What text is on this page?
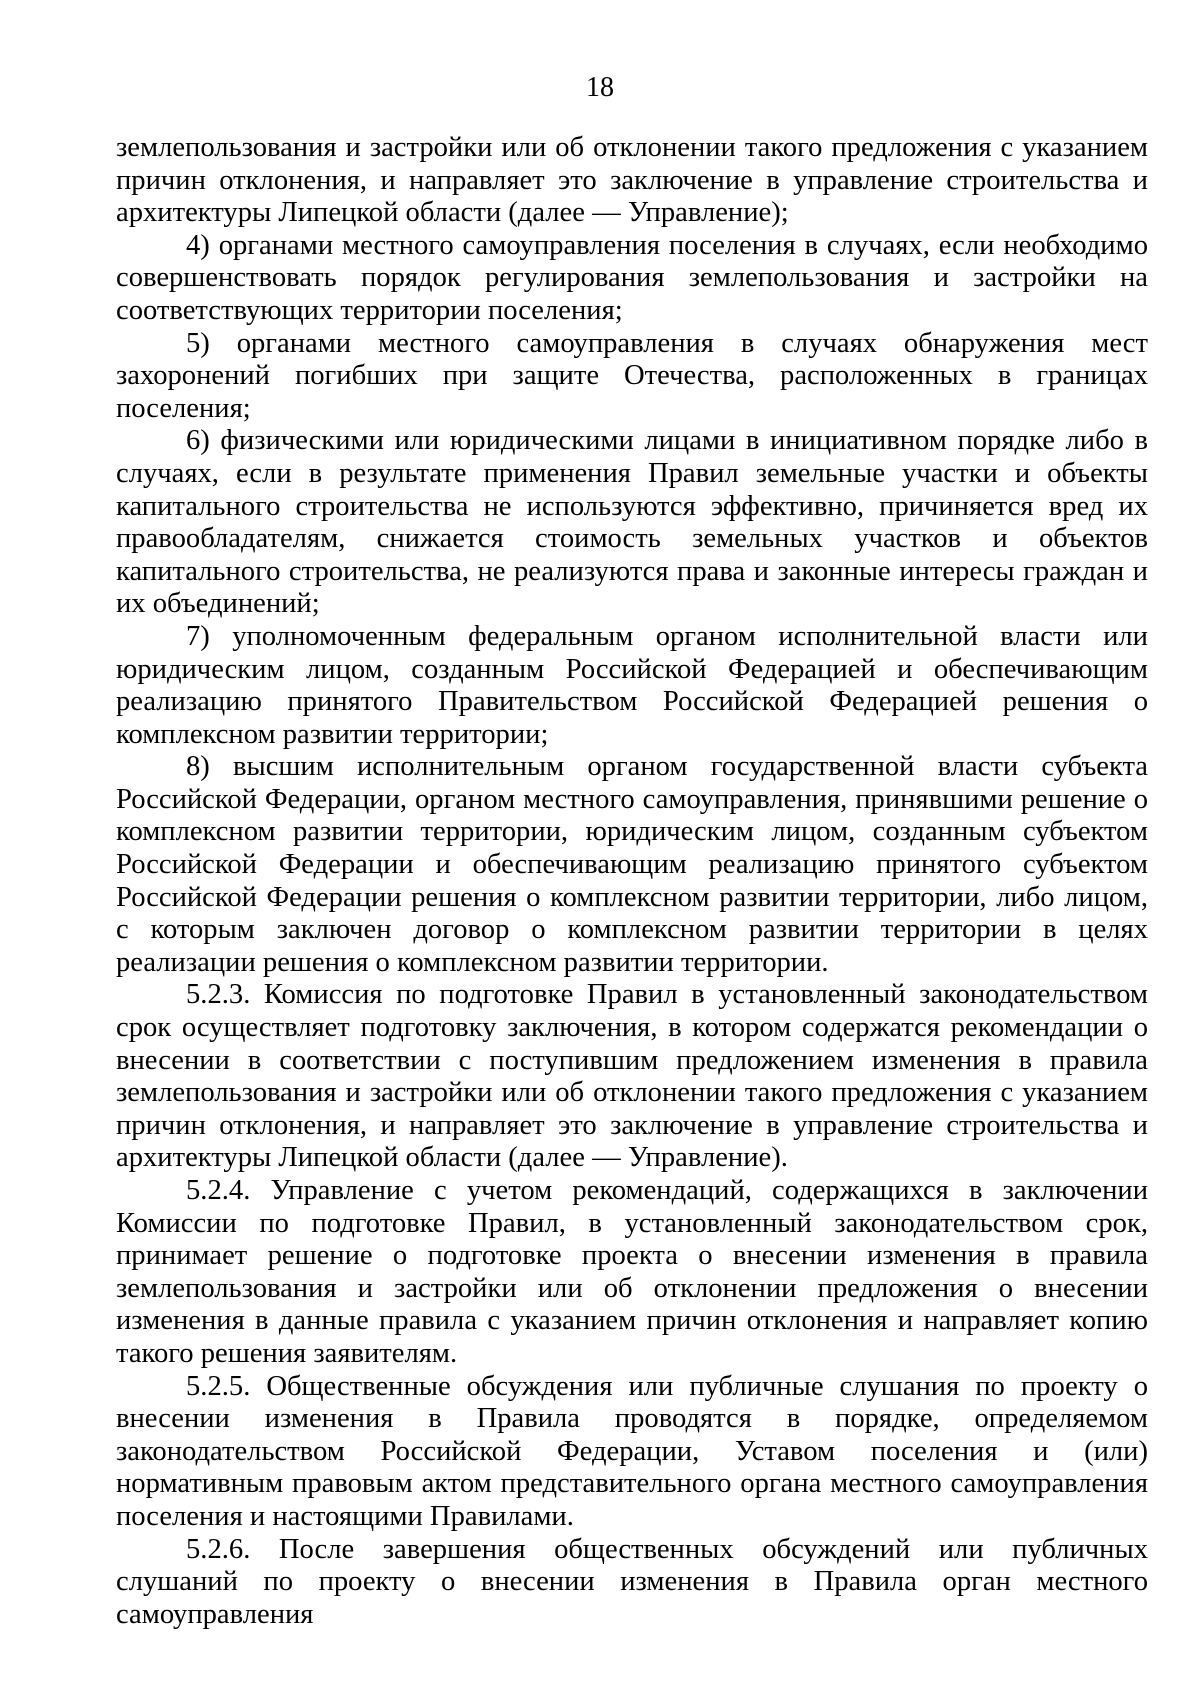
18

землепользования и застройки или об отклонении такого предложения с указанием причин отклонения, и направляет это заключение в управление строительства и архитектуры Липецкой области (далее — Управление);

4) органами местного самоуправления поселения в случаях, если необходимо совершенствовать порядок регулирования землепользования и застройки на соответствующих территории поселения;

5) органами местного самоуправления в случаях обнаружения мест захоронений погибших при защите Отечества, расположенных в границах поселения;

6) физическими или юридическими лицами в инициативном порядке либо в случаях, если в результате применения Правил земельные участки и объекты капитального строительства не используются эффективно, причиняется вред их правообладателям, снижается стоимость земельных участков и объектов капитального строительства, не реализуются права и законные интересы граждан и их объединений;

7) уполномоченным федеральным органом исполнительной власти или юридическим лицом, созданным Российской Федерацией и обеспечивающим реализацию принятого Правительством Российской Федерацией решения о комплексном развитии территории;

8) высшим исполнительным органом государственной власти субъекта Российской Федерации, органом местного самоуправления, принявшими решение о комплексном развитии территории, юридическим лицом, созданным субъектом Российской Федерации и обеспечивающим реализацию принятого субъектом Российской Федерации решения о комплексном развитии территории, либо лицом, с которым заключен договор о комплексном развитии территории в целях реализации решения о комплексном развитии территории.

5.2.3. Комиссия по подготовке Правил в установленный законодательством срок осуществляет подготовку заключения, в котором содержатся рекомендации о внесении в соответствии с поступившим предложением изменения в правила землепользования и застройки или об отклонении такого предложения с указанием причин отклонения, и направляет это заключение в управление строительства и архитектуры Липецкой области (далее — Управление).

5.2.4. Управление с учетом рекомендаций, содержащихся в заключении Комиссии по подготовке Правил, в установленный законодательством срок, принимает решение о подготовке проекта о внесении изменения в правила землепользования и застройки или об отклонении предложения о внесении изменения в данные правила с указанием причин отклонения и направляет копию такого решения заявителям.

5.2.5. Общественные обсуждения или публичные слушания по проекту о внесении изменения в Правила проводятся в порядке, определяемом законодательством Российской Федерации, Уставом поселения и (или) нормативным правовым актом представительного органа местного самоуправления поселения и настоящими Правилами.

5.2.6. После завершения общественных обсуждений или публичных слушаний по проекту о внесении изменения в Правила орган местного самоуправления
